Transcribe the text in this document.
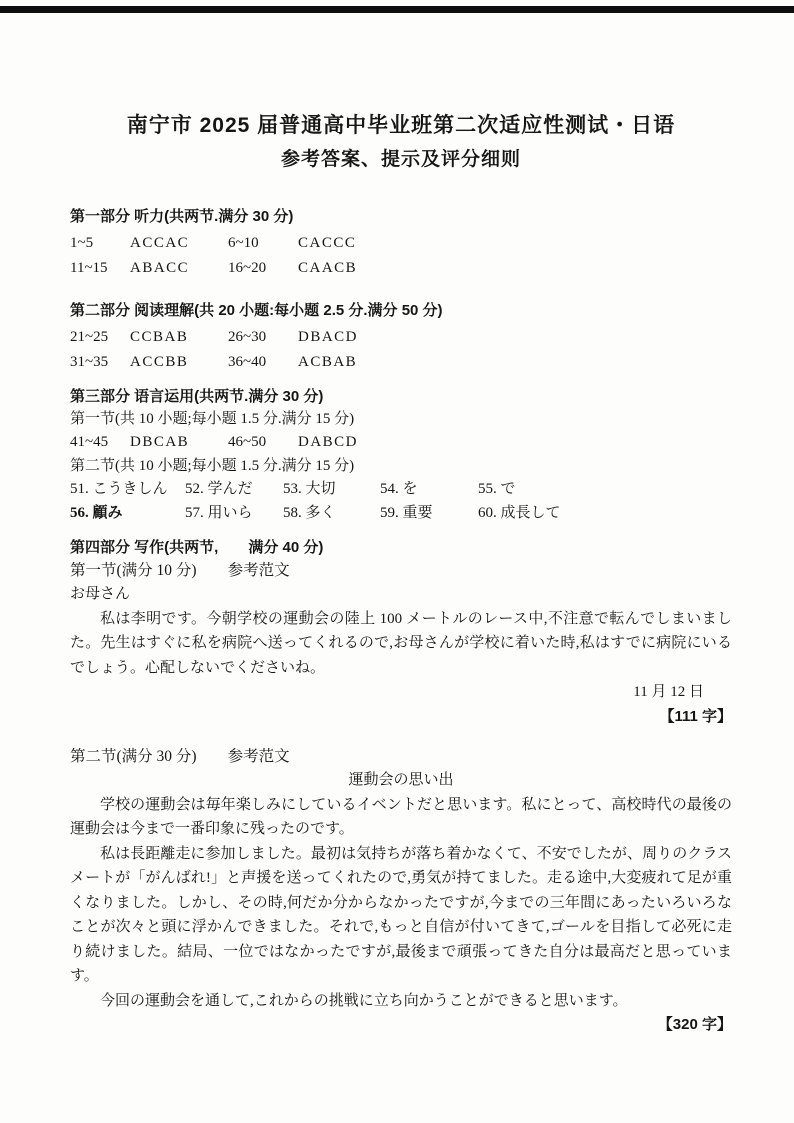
南宁市 2025 届普通高中毕业班第二次适应性测试・日语
参考答案、提示及评分细则
第一部分 听力(共两节.满分 30 分)
1~5	ACCAC	6~10	CACCC
11~15	ABACC	16~20	CAACB
第二部分 阅读理解(共 20 小题:每小题 2.5 分.满分 50 分)
21~25	CCBAB	26~30	DBACD
31~35	ACCBB	36~40	ACBAB
第三部分 语言运用(共两节.满分 30 分)
第一节(共 10 小题;每小题 1.5 分.满分 15 分)
41~45	DBCAB	46~50	DABCD
第二节(共 10 小题;每小题 1.5 分.满分 15 分)
51. こうきしん	52. 学んだ	53. 大切	54. を	55. で
56. 顧み	57. 用いら	58. 多く	59. 重要	60. 成長して
第四部分 写作(共两节,　　满分 40 分)
第一节(满分 10 分)　　参考范文
お母さん
私は李明です。今朝学校の運動会の陸上 100 メートルのレース中,不注意で転んでしまいました。先生はすぐに私を病院へ送ってくれるので,お母さんが学校に着いた時,私はすでに病院にいるでしょう。心配しないでくださいね。
11 月 12 日
【111 字】
第二节(满分 30 分)　　参考范文
運動会の思い出
学校の運動会は毎年楽しみにしているイベントだと思います。私にとって、高校時代の最後の運動会は今まで一番印象に残ったのです。
私は長距離走に参加しました。最初は気持ちが落ち着かなくて、不安でしたが、周りのクラスメートが「がんばれ!」と声援を送ってくれたので,勇気が持てました。走る途中,大変疲れて足が重くなりました。しかし、その時,何だか分からなかったですが,今までの三年間にあったいろいろなことが次々と頭に浮かんできました。それで,もっと自信が付いてきて,ゴールを目指して必死に走り続けました。結局、一位ではなかったですが,最後まで頑張ってきた自分は最高だと思っています。
今回の運動会を通して,これからの挑戦に立ち向かうことができると思います。
【320 字】
